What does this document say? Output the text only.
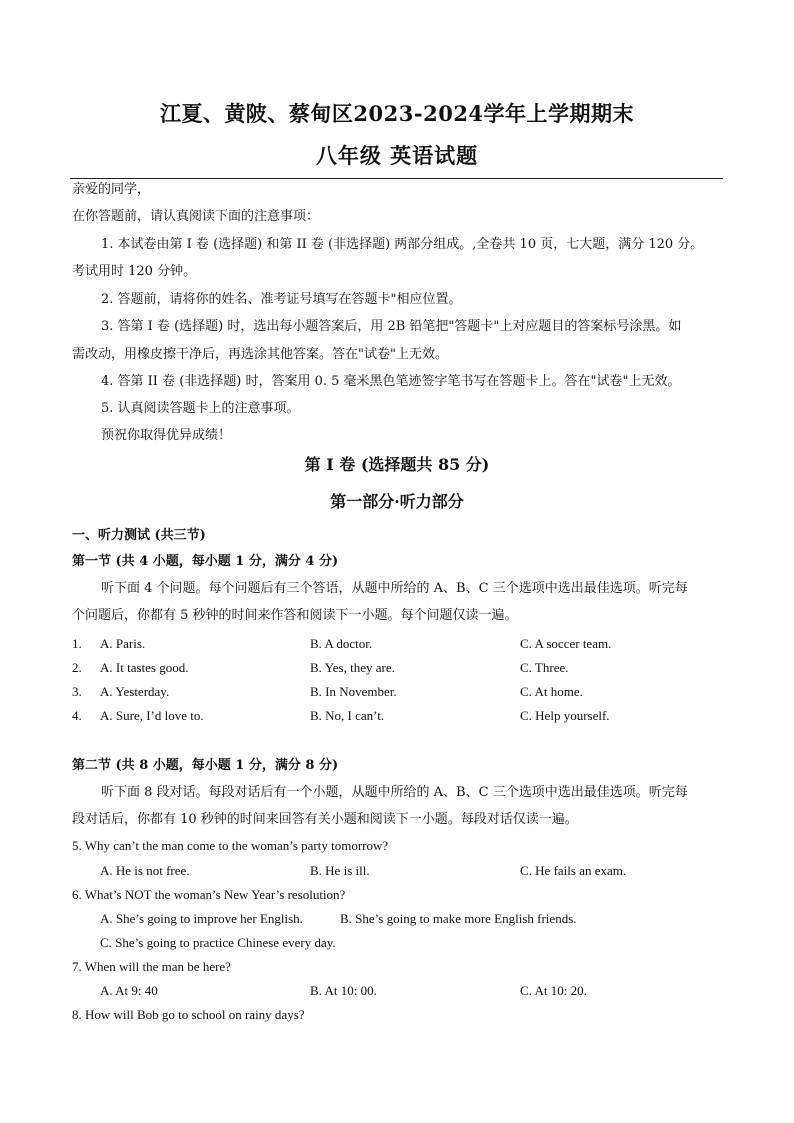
江夏、黄陂、蔡甸区2023-2024学年上学期期末
八年级 英语试题
亲爱的同学，
在你答题前，请认真阅读下面的注意事项：
1. 本试卷由第 I 卷 (选择题) 和第 II 卷 (非选择题) 两部分组成。,全卷共 10 页，七大题，满分 120 分。
考试用时 120 分钟。
2. 答题前，请将你的姓名、准考证号填写在答题卡"相应位置。
3. 答第 I 卷 (选择题) 时，选出每小题答案后，用 2B 铅笔把"答题卡"上对应题目的答案标号涂黑。如
需改动，用橡皮擦干净后，再选涂其他答案。答在"试卷"上无效。
4. 答第 II 卷 (非选择题) 时，答案用 0. 5 毫米黑色笔迹签字笔书写在答题卡上。答在"试卷"上无效。
5. 认真阅读答题卡上的注意事项。
预祝你取得优异成绩！
第 I 卷 (选择题共 85 分)
第一部分·听力部分
一、听力测试 (共三节)
第一节 (共 4 小题，每小题 1 分，满分 4 分)
听下面 4 个问题。每个问题后有三个答语，从题中所给的 A、B、C 三个选项中选出最佳选项。听完每
个问题后，你都有 5 秒钟的时间来作答和阅读下一小题。每个问题仅读一遍。
1. A. Paris.	B. A doctor.	C. A soccer team.
2. A. It tastes good.	B. Yes, they are.	C. Three.
3. A. Yesterday.	B. In November.	C. At home.
4. A. Sure, I’d love to.	B. No, I can’t.	C. Help yourself.
第二节 (共 8 小题，每小题 1 分，满分 8 分)
听下面 8 段对话。每段对话后有一个小题，从题中所给的 A、B、C 三个选项中选出最佳选项。听完每
段对话后，你都有 10 秒钟的时间来回答有关小题和阅读下一小题。每段对话仅读一遍。
5. Why can’t the man come to the woman’s party tomorrow?
A. He is not free.	B. He is ill.	C. He fails an exam.
6. What’s NOT the woman’s New Year’s resolution?
A. She’s going to improve her English.	B. She’s going to make more English friends.
C. She’s going to practice Chinese every day.
7. When will the man be here?
A. At 9: 40	B. At 10: 00.	C. At 10: 20.
8. How will Bob go to school on rainy days?
